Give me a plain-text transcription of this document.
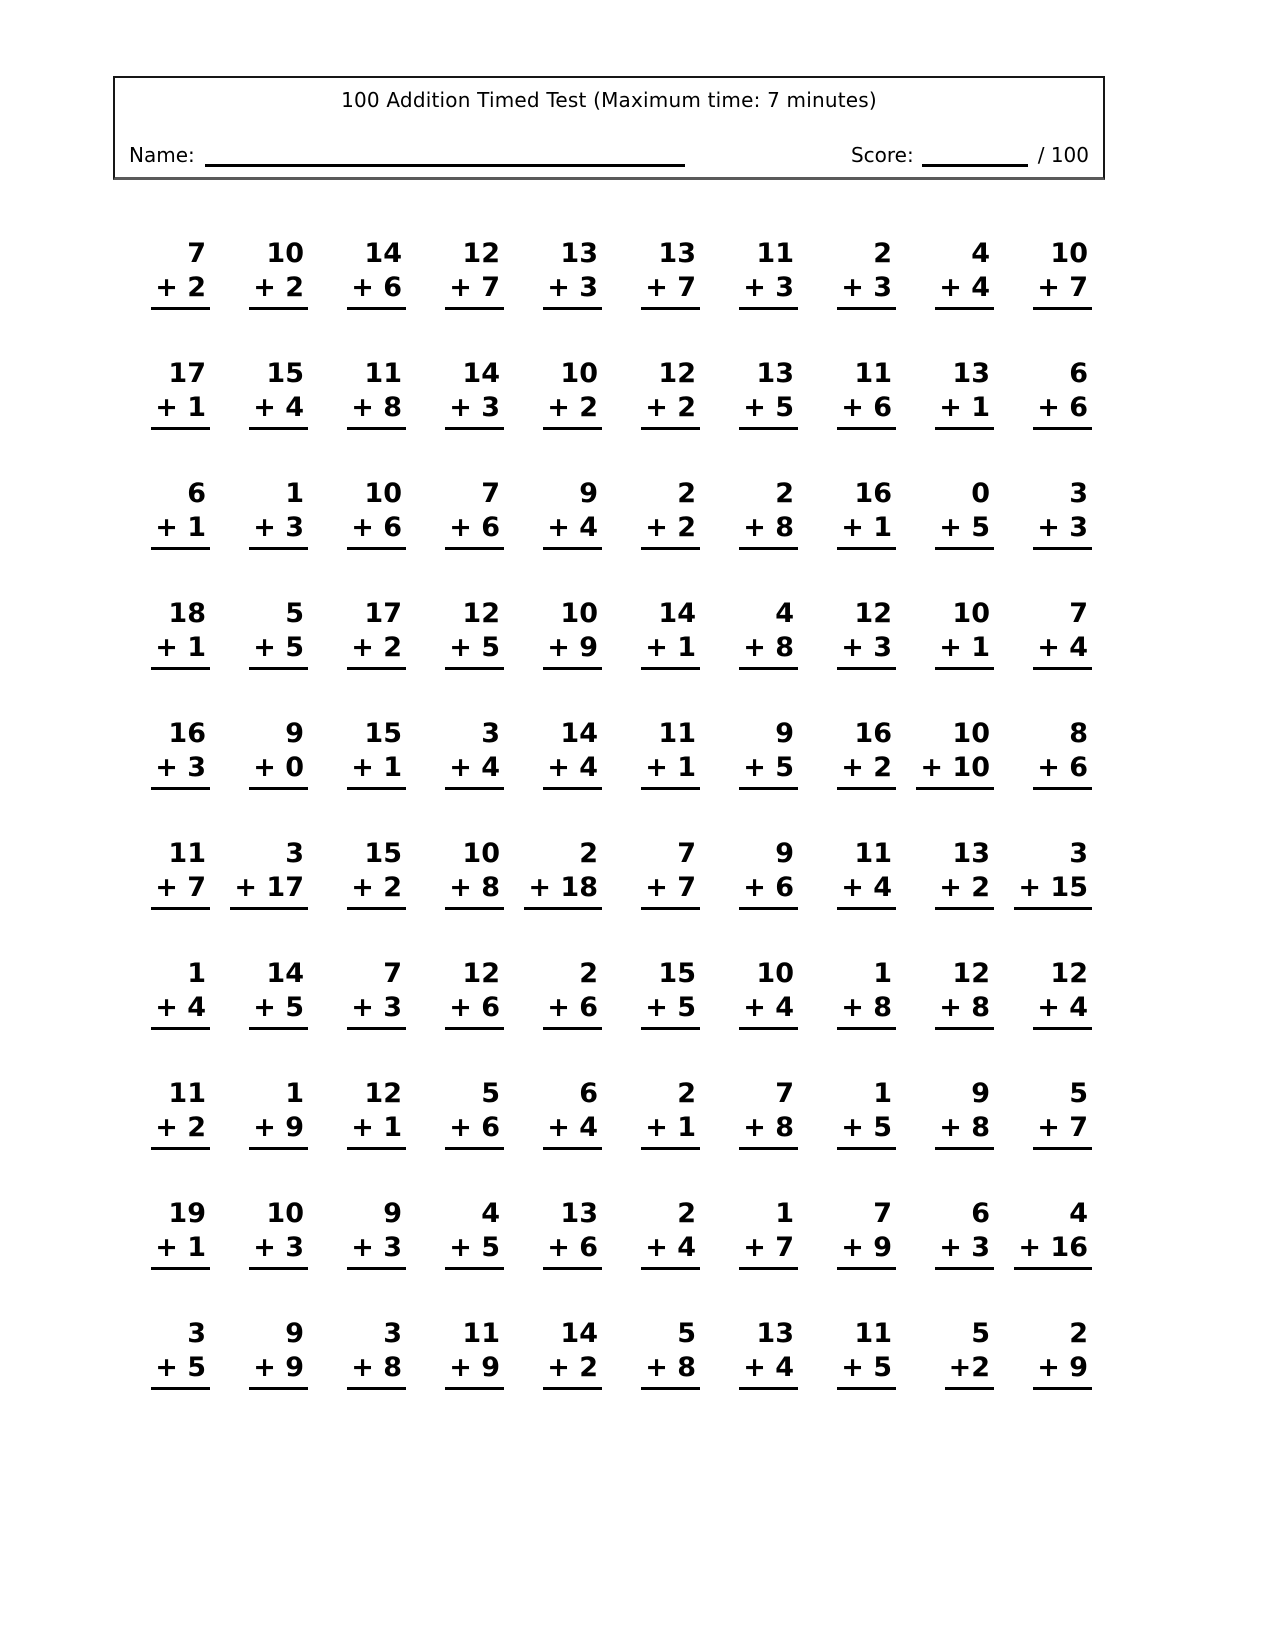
100 Addition Timed Test (Maximum time: 7 minutes)
Name:	Score:	/ 100
7
+ 2
10
+ 2
14
+ 6
12
+ 7
13
+ 3
13
+ 7
11
+ 3
2
+ 3
4
+ 4
10
+ 7
17
+ 1
15
+ 4
11
+ 8
14
+ 3
10
+ 2
12
+ 2
13
+ 5
11
+ 6
13
+ 1
6
+ 6
6
+ 1
1
+ 3
10
+ 6
7
+ 6
9
+ 4
2
+ 2
2
+ 8
16
+ 1
0
+ 5
3
+ 3
18
+ 1
5
+ 5
17
+ 2
12
+ 5
10
+ 9
14
+ 1
4
+ 8
12
+ 3
10
+ 1
7
+ 4
16
+ 3
9
+ 0
15
+ 1
3
+ 4
14
+ 4
11
+ 1
9
+ 5
16
+ 2
10
+ 10
8
+ 6
11
+ 7
3
+ 17
15
+ 2
10
+ 8
2
+ 18
7
+ 7
9
+ 6
11
+ 4
13
+ 2
3
+ 15
1
+ 4
14
+ 5
7
+ 3
12
+ 6
2
+ 6
15
+ 5
10
+ 4
1
+ 8
12
+ 8
12
+ 4
11
+ 2
1
+ 9
12
+ 1
5
+ 6
6
+ 4
2
+ 1
7
+ 8
1
+ 5
9
+ 8
5
+ 7
19
+ 1
10
+ 3
9
+ 3
4
+ 5
13
+ 6
2
+ 4
1
+ 7
7
+ 9
6
+ 3
4
+ 16
3
+ 5
9
+ 9
3
+ 8
11
+ 9
14
+ 2
5
+ 8
13
+ 4
11
+ 5
5
+2
2
+ 9
